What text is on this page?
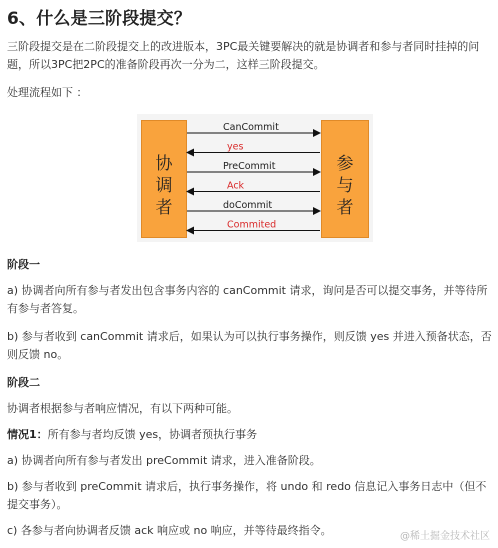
6、什么是三阶段提交？

三阶段提交是在二阶段提交上的改进版本，3PC最关键要解决的就是协调者和参与者同时挂掉的问

题，所以3PC把2PC的准备阶段再次一分为二，这样三阶段提交。

处理流程如下 ：

协
调
者
参
与
者
CanCommit
yes
PreCommit
Ack
doCommit
Commited

阶段一

a) 协调者向所有参与者发出包含事务内容的 canCommit 请求，询问是否可以提交事务，并等待所

有参与者答复。

b) 参与者收到 canCommit 请求后，如果认为可以执行事务操作，则反馈 yes 并进入预备状态，否

则反馈 no。

阶段二

协调者根据参与者响应情况，有以下两种可能。

情况1：所有参与者均反馈 yes，协调者预执行事务

a) 协调者向所有参与者发出 preCommit 请求，进入准备阶段。

b) 参与者收到 preCommit 请求后，执行事务操作，将 undo 和 redo 信息记入事务日志中（但不

提交事务）。

c) 各参与者向协调者反馈 ack 响应或 no 响应，并等待最终指令。	@稀土掘金技术社区
